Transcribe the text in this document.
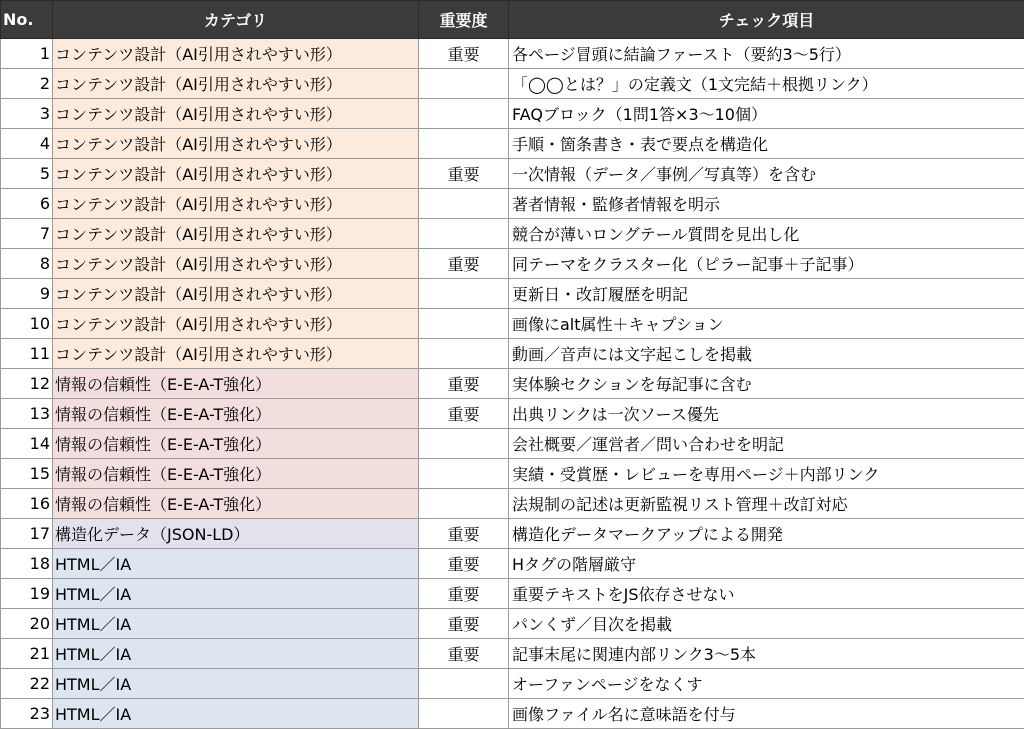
No.	カテゴリ	重要度	チェック項目
1	コンテンツ設計（AI引用されやすい形）	重要	各ページ冒頭に結論ファースト（要約3～5行）
2	コンテンツ設計（AI引用されやすい形）		「◯◯とは？」の定義文（1文完結＋根拠リンク）
3	コンテンツ設計（AI引用されやすい形）		FAQブロック（1問1答×3～10個）
4	コンテンツ設計（AI引用されやすい形）		手順・箇条書き・表で要点を構造化
5	コンテンツ設計（AI引用されやすい形）	重要	一次情報（データ／事例／写真等）を含む
6	コンテンツ設計（AI引用されやすい形）		著者情報・監修者情報を明示
7	コンテンツ設計（AI引用されやすい形）		競合が薄いロングテール質問を見出し化
8	コンテンツ設計（AI引用されやすい形）	重要	同テーマをクラスター化（ピラー記事＋子記事）
9	コンテンツ設計（AI引用されやすい形）		更新日・改訂履歴を明記
10	コンテンツ設計（AI引用されやすい形）		画像にalt属性＋キャプション
11	コンテンツ設計（AI引用されやすい形）		動画／音声には文字起こしを掲載
12	情報の信頼性（E-E-A-T強化）	重要	実体験セクションを毎記事に含む
13	情報の信頼性（E-E-A-T強化）	重要	出典リンクは一次ソース優先
14	情報の信頼性（E-E-A-T強化）		会社概要／運営者／問い合わせを明記
15	情報の信頼性（E-E-A-T強化）		実績・受賞歴・レビューを専用ページ＋内部リンク
16	情報の信頼性（E-E-A-T強化）		法規制の記述は更新監視リスト管理＋改訂対応
17	構造化データ（JSON-LD）	重要	構造化データマークアップによる開発
18	HTML／IA	重要	Hタグの階層厳守
19	HTML／IA	重要	重要テキストをJS依存させない
20	HTML／IA	重要	パンくず／目次を掲載
21	HTML／IA	重要	記事末尾に関連内部リンク3～5本
22	HTML／IA		オーファンページをなくす
23	HTML／IA		画像ファイル名に意味語を付与
